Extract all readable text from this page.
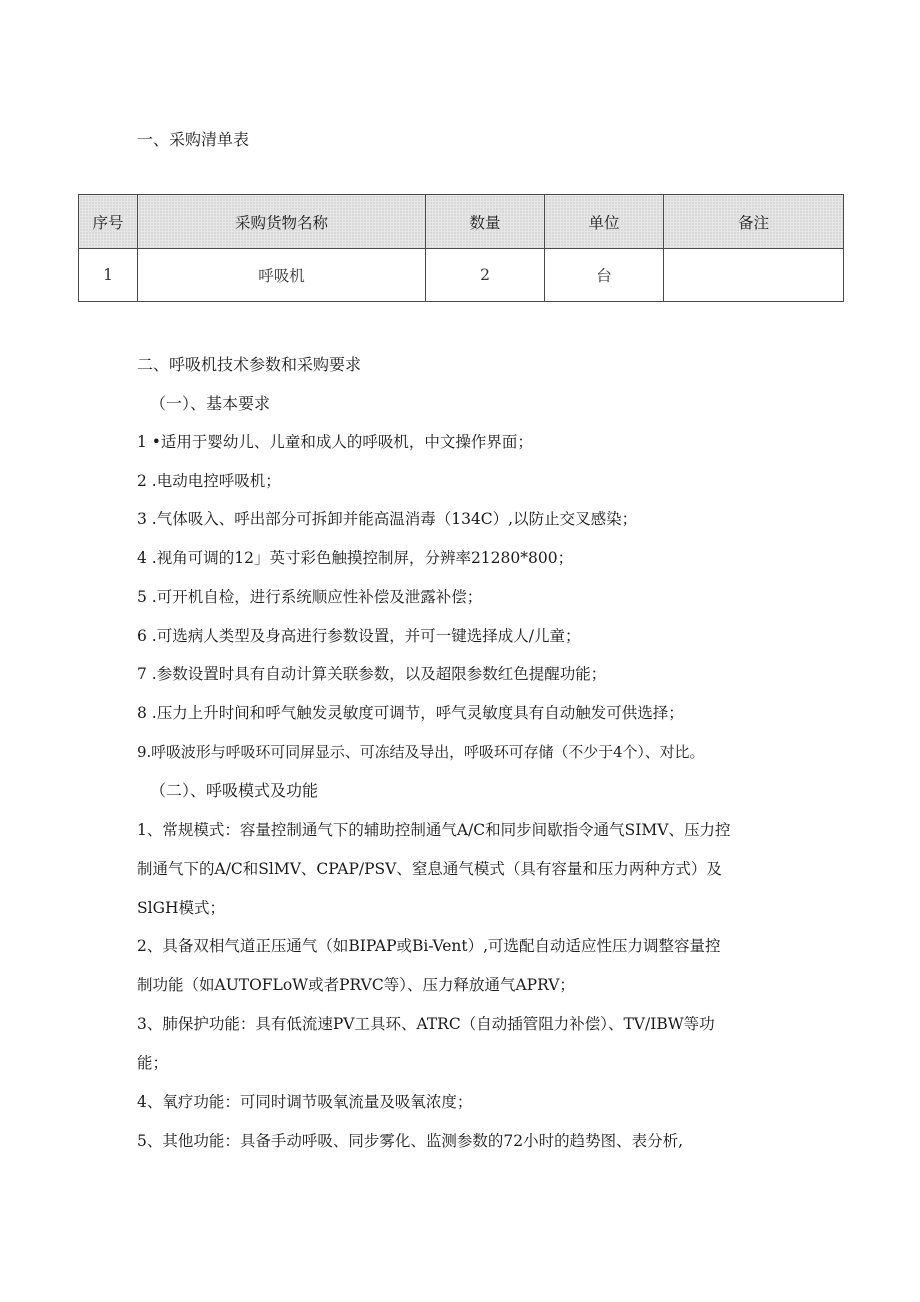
一、采购清单表
序号	采购货物名称	数量	单位	备注
1	呼吸机	2	台	
二、呼吸机技术参数和采购要求
（一）、基本要求
1 •适用于婴幼儿、儿童和成人的呼吸机，中文操作界面；
2 .电动电控呼吸机；
3 .气体吸入、呼出部分可拆卸并能高温消毒（134C）,以防止交叉感染；
4 .视角可调的12」英寸彩色触摸控制屏，分辨率21280*800；
5 .可开机自检，进行系统顺应性补偿及泄露补偿；
6 .可选病人类型及身高进行参数设置，并可一键选择成人/儿童；
7 .参数设置时具有自动计算关联参数，以及超限参数红色提醒功能；
8 .压力上升时间和呼气触发灵敏度可调节，呼气灵敏度具有自动触发可供选择；
9.呼吸波形与呼吸环可同屏显示、可冻结及导出，呼吸环可存储（不少于4个）、对比。
（二）、呼吸模式及功能
1、常规模式：容量控制通气下的辅助控制通气A/C和同步间歇指令通气SIMV、压力控
制通气下的A/C和SlMV、CPAP/PSV、窒息通气模式（具有容量和压力两种方式）及
SlGH模式；
2、具备双相气道正压通气（如BIPAP或Bi-Vent）,可选配自动适应性压力调整容量控
制功能（如AUTOFLoW或者PRVC等）、压力释放通气APRV；
3、肺保护功能：具有低流速PV工具环、ATRC（自动插管阻力补偿）、TV/IBW等功
能；
4、氧疗功能：可同时调节吸氧流量及吸氧浓度；
5、其他功能：具备手动呼吸、同步雾化、监测参数的72小时的趋势图、表分析,
